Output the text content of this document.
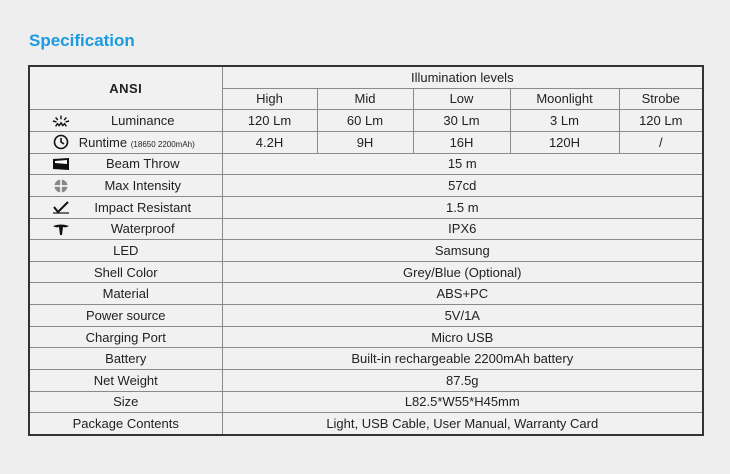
Specification
ANSI	Illumination levels				
	High	Mid	Low	Moonlight	Strobe

Luminance	120 Lm	60 Lm	30 Lm	3 Lm	120 Lm

Runtime (18650 2200mAh)	4.2H	9H	16H	120H	/

Beam Throw	15 m				

Max Intensity	57cd				

Impact Resistant	1.5 m				

Waterproof	IPX6				
LED	Samsung				
Shell Color	Grey/Blue (Optional)				
Material	ABS+PC				
Power source	5V/1A				
Charging Port	Micro USB				
Battery	Built-in rechargeable 2200mAh battery				
Net Weight	87.5g				
Size	L82.5*W55*H45mm				
Package Contents	Light, USB Cable, User Manual, Warranty Card				
